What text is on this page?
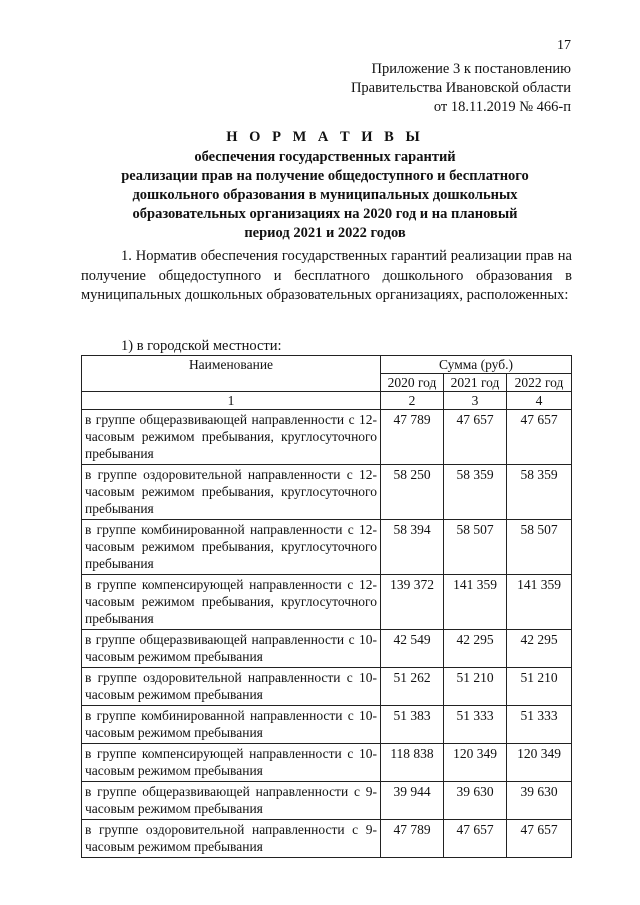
17
Приложение 3 к постановлению
Правительства Ивановской области
от 18.11.2019 № 466-п
Н О Р М А Т И В Ы
обеспечения государственных гарантий
реализации прав на получение общедоступного и бесплатного
дошкольного образования в муниципальных дошкольных
образовательных организациях на 2020 год и на плановый
период 2021 и 2022 годов
1. Норматив обеспечения государственных гарантий реализации прав на получение общедоступного и бесплатного дошкольного образования в муниципальных дошкольных образовательных организациях, расположенных:
1) в городской местности:
Наименование	Сумма (руб.)		
	2020 год	2021 год	2022 год
1	2	3	4
в группе общеразвивающей направленности с 12-часовым режимом пребывания, круглосуточного пребывания	47 789	47 657	47 657
в группе оздоровительной направленности с 12-часовым режимом пребывания, круглосуточного пребывания	58 250	58 359	58 359
в группе комбинированной направленности с 12-часовым режимом пребывания, круглосуточного пребывания	58 394	58 507	58 507
в группе компенсирующей направленности с 12-часовым режимом пребывания, круглосуточного пребывания	139 372	141 359	141 359
в группе общеразвивающей направленности с 10-часовым режимом пребывания	42 549	42 295	42 295
в группе оздоровительной направленности с 10-часовым режимом пребывания	51 262	51 210	51 210
в группе комбинированной направленности с 10-часовым режимом пребывания	51 383	51 333	51 333
в группе компенсирующей направленности с 10-часовым режимом пребывания	118 838	120 349	120 349
в группе общеразвивающей направленности с 9-часовым режимом пребывания	39 944	39 630	39 630
в группе оздоровительной направленности с 9-часовым режимом пребывания	47 789	47 657	47 657
